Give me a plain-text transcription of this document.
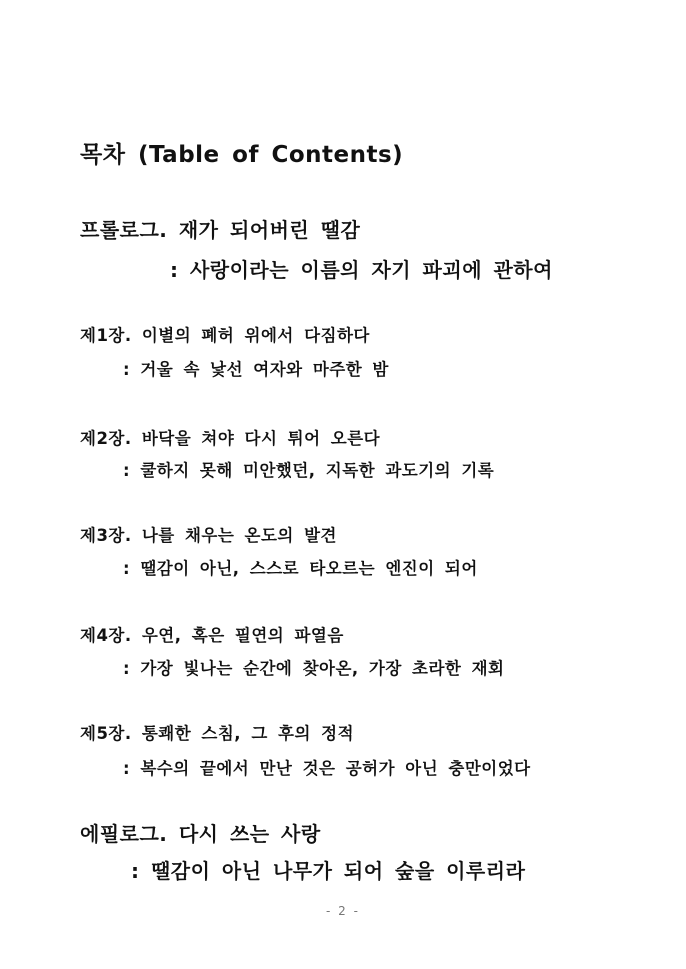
목차 (Table of Contents)
프롤로그. 재가 되어버린 땔감
: 사랑이라는 이름의 자기 파괴에 관하여
제1장. 이별의 폐허 위에서 다짐하다
: 거울 속 낯선 여자와 마주한 밤
제2장. 바닥을 쳐야 다시 튀어 오른다
: 쿨하지 못해 미안했던, 지독한 과도기의 기록
제3장. 나를 채우는 온도의 발견
: 땔감이 아닌, 스스로 타오르는 엔진이 되어
제4장. 우연, 혹은 필연의 파열음
: 가장 빛나는 순간에 찾아온, 가장 초라한 재회
제5장. 통쾌한 스침, 그 후의 정적
: 복수의 끝에서 만난 것은 공허가 아닌 충만이었다
에필로그. 다시 쓰는 사랑
: 땔감이 아닌 나무가 되어 숲을 이루리라
- 2 -
